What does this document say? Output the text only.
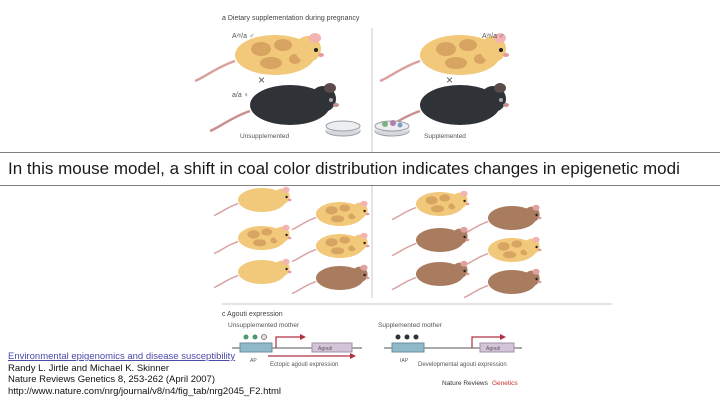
a Dietary supplementation during pregnancy
Aᵛʸ/a ♂
×
a/a ♀
Unsupplemented
Aᵛʸ/a ♂
×
Supplemented
c Agouti expression
Unsupplemented mother	Supplemented mother
AP
Agouti
Ectopic agouti expression
IAP
Agouti
Developmental agouti expression
Nature Reviews Genetics
In this mouse model, a shift in coal color distribution indicates changes in epigenetic modi
Environmental epigenomics and disease susceptibility
Randy L. Jirtle and Michael K. Skinner
Nature Reviews Genetics 8, 253-262 (April 2007)
http://www.nature.com/nrg/journal/v8/n4/fig_tab/nrg2045_F2.html
